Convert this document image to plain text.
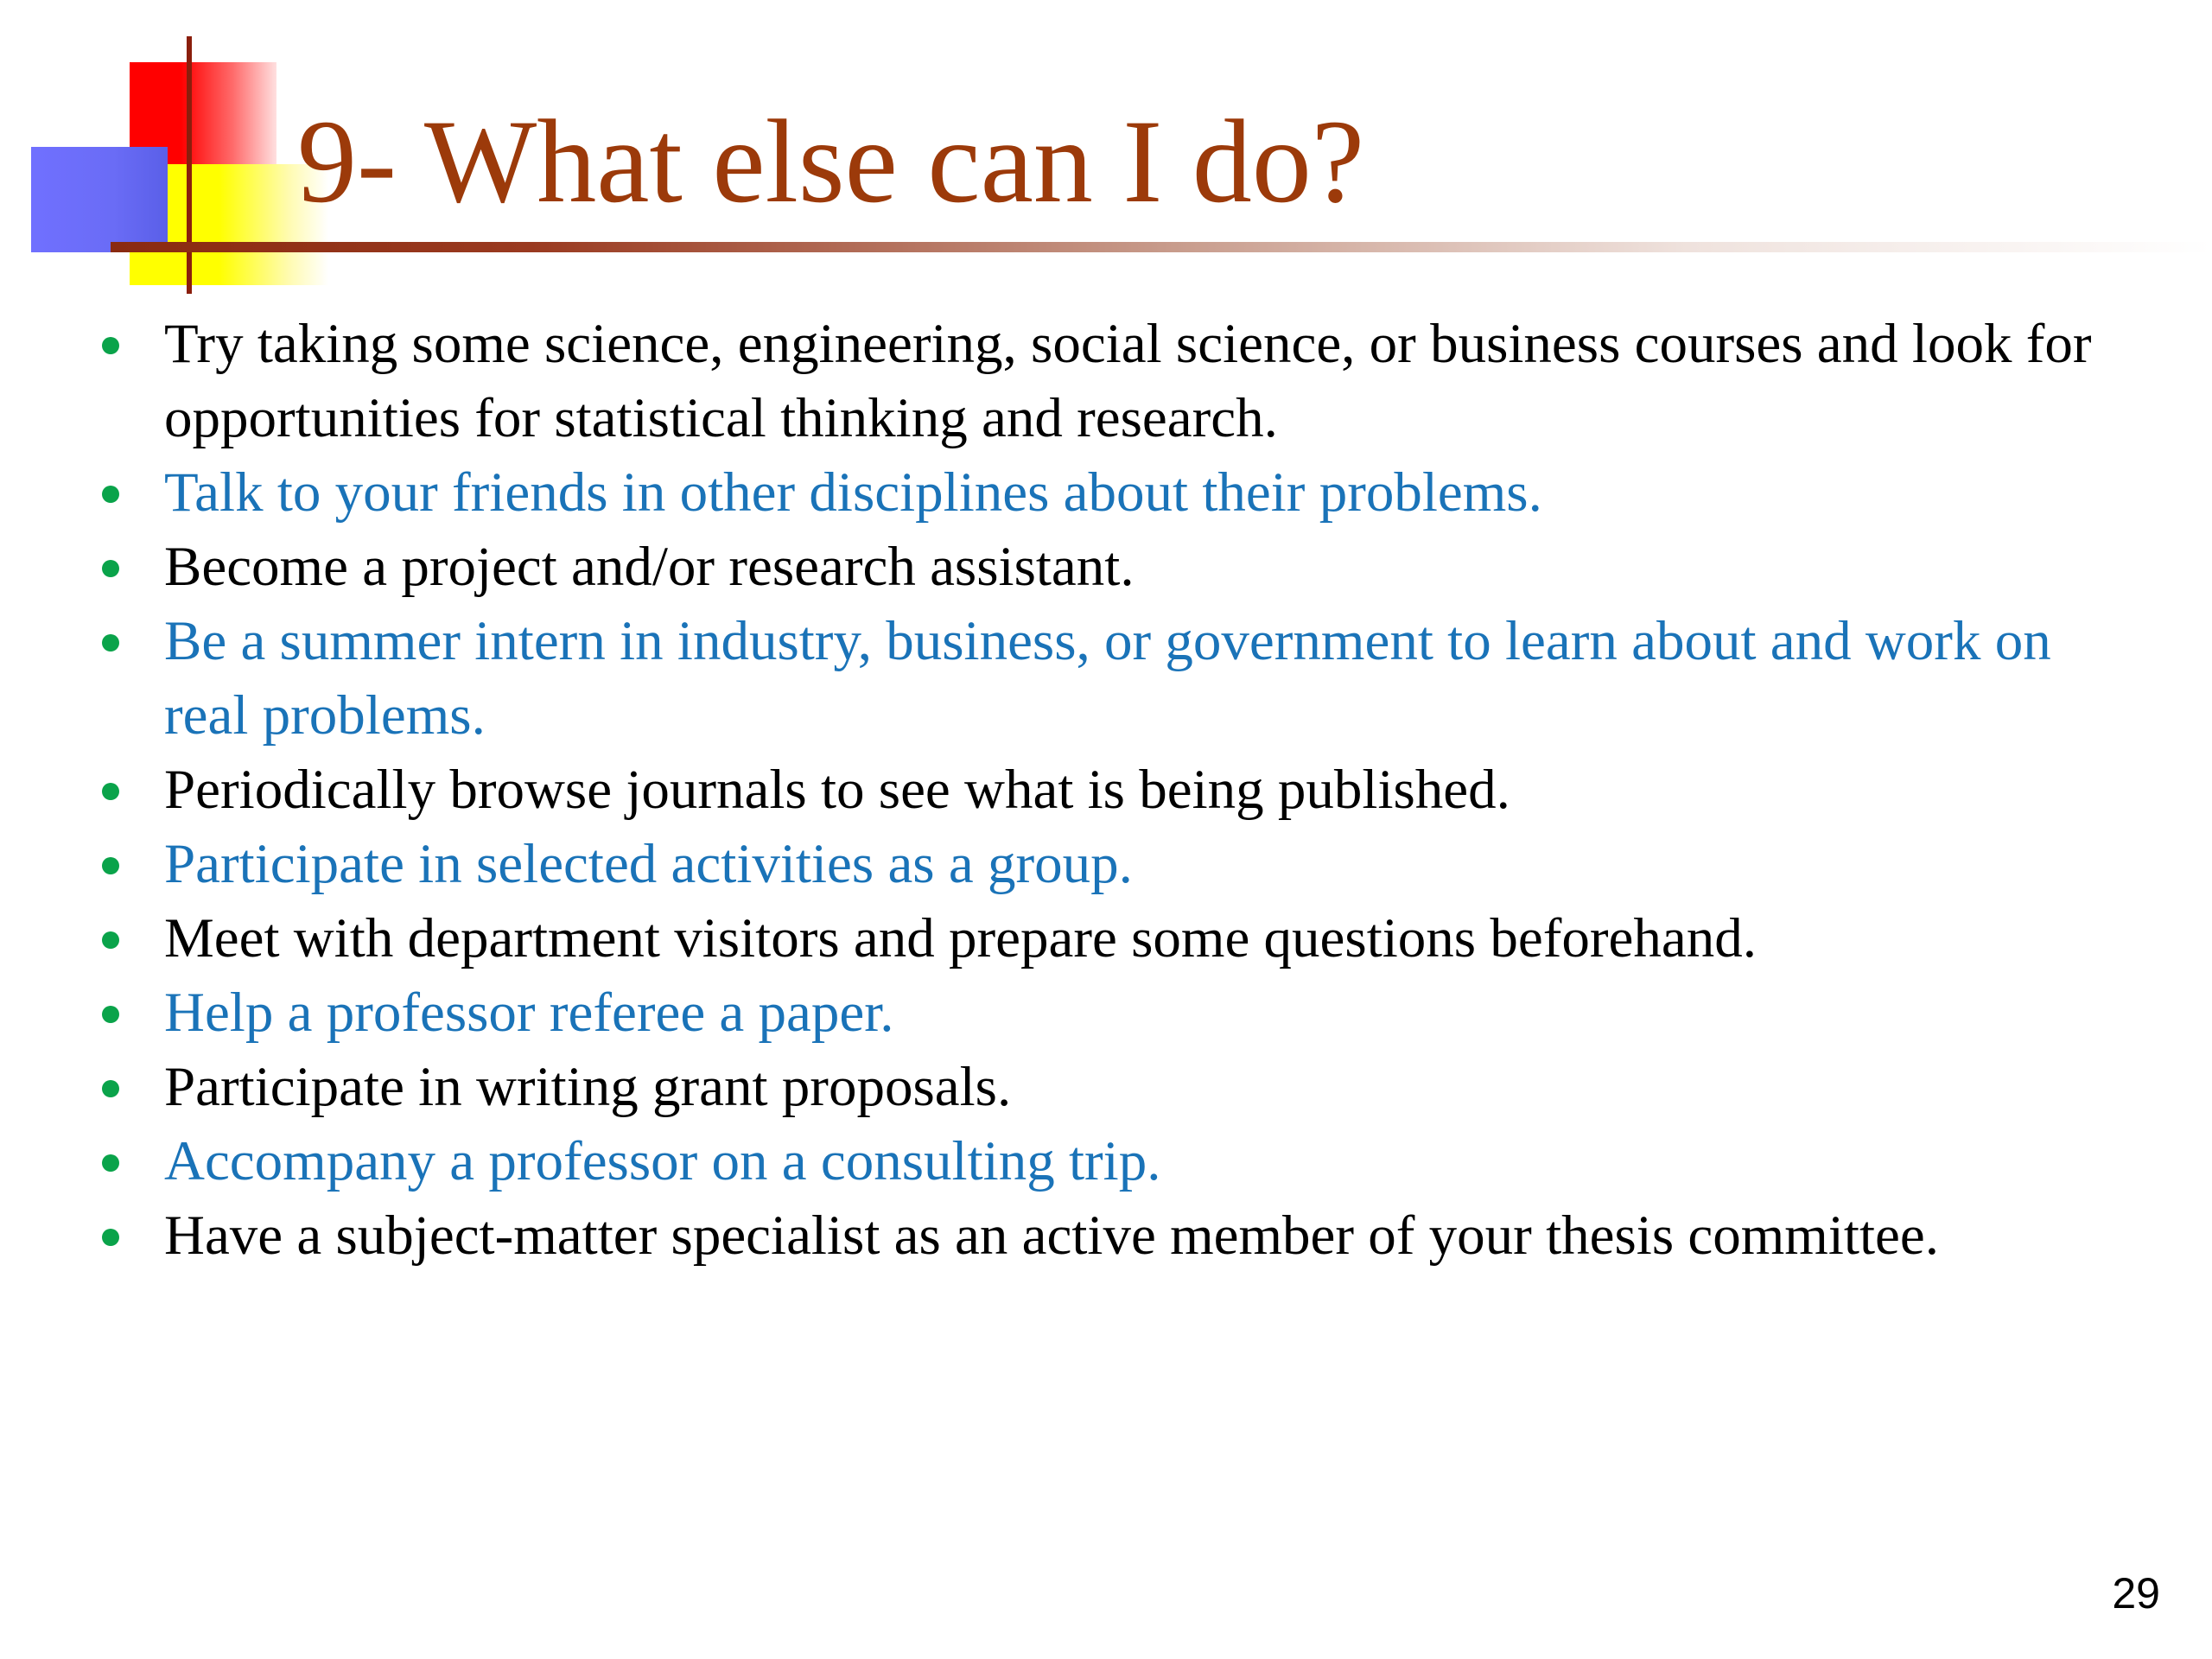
9- What else can I do?
Try taking some science, engineering, social science, or business courses and look for opportunities for statistical thinking and research.
Talk to your friends in other disciplines about their problems.
Become a project and/or research assistant.
Be a summer intern in industry, business, or government to learn about and work on real problems.
Periodically browse journals to see what is being published.
Participate in selected activities as a group.
Meet with department visitors and prepare some questions beforehand.
Help a professor referee a paper.
Participate in writing grant proposals.
Accompany a professor on a consulting trip.
Have a subject-matter specialist as an active member of your thesis committee.
29
